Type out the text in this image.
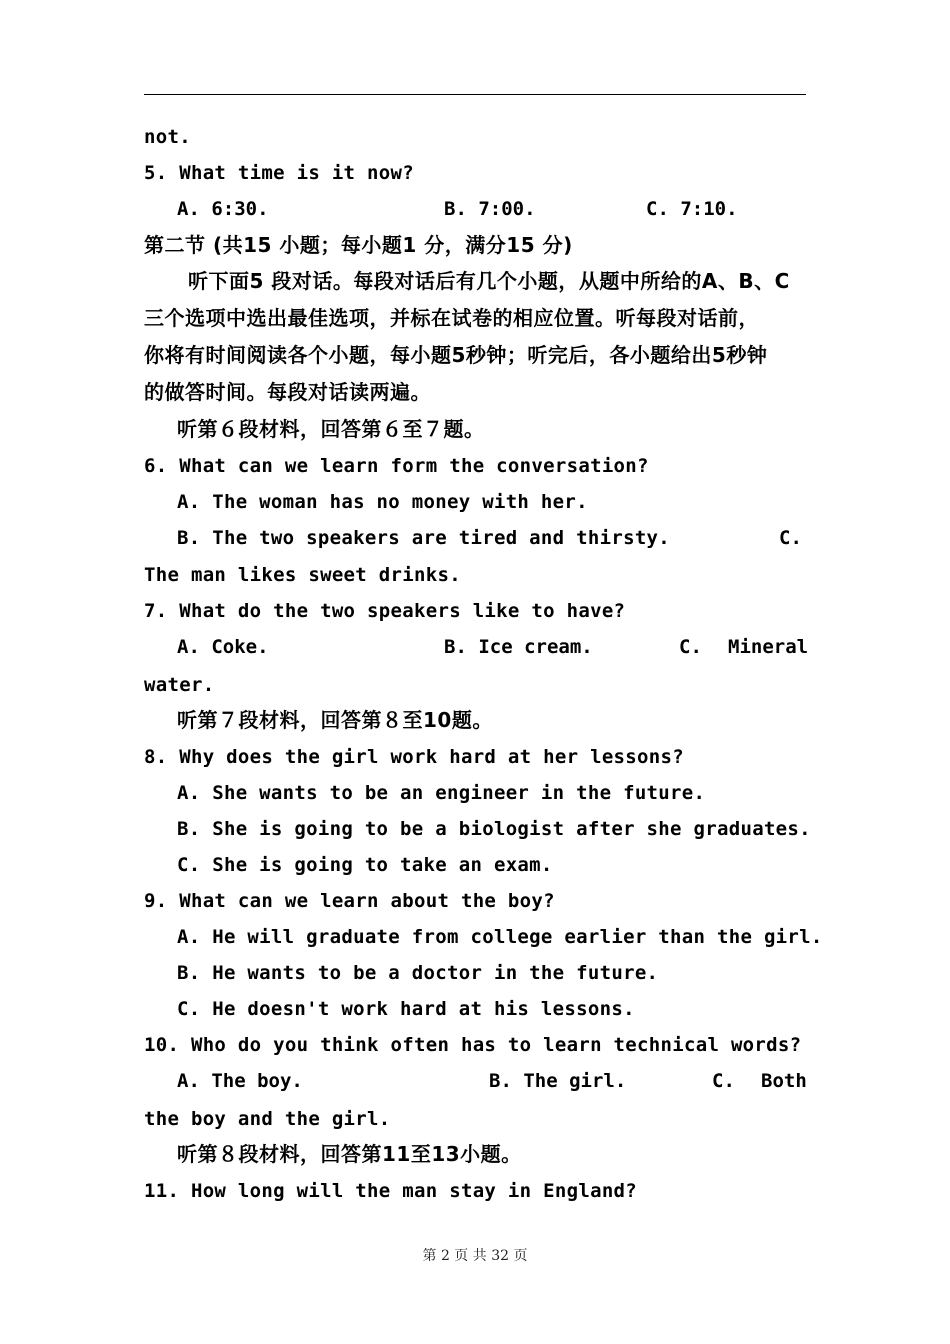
not.
5. What time is it now?
A. 6:30.	B. 7:00.	C. 7:10.
第二节 (共15 小题；每小题1 分，满分15 分)
听下面5 段对话。每段对话后有几个小题，从题中所给的A、B、C
三个选项中选出最佳选项，并标在试卷的相应位置。听每段对话前，
你将有时间阅读各个小题，每小题5秒钟；听完后，各小题给出5秒钟
的做答时间。每段对话读两遍。
听第６段材料，回答第６至７题。
6. What can we learn form the conversation?
A. The woman has no money with her.
B. The two speakers are tired and thirsty.	C.
The man likes sweet drinks.
7. What do the two speakers like to have?
A. Coke.	B. Ice cream.	C. Mineral
water.
听第７段材料，回答第８至10题。
8. Why does the girl work hard at her lessons?
A. She wants to be an engineer in the future.
B. She is going to be a biologist after she graduates.
C. She is going to take an exam.
9. What can we learn about the boy?
A. He will graduate from college earlier than the girl.
B. He wants to be a doctor in the future.
C. He doesn't work hard at his lessons.
10. Who do you think often has to learn technical words?
A. The boy.	B. The girl.	C. Both
the boy and the girl.
听第８段材料，回答第11至13小题。
11. How long will the man stay in England?
第 2 页 共 32 页
